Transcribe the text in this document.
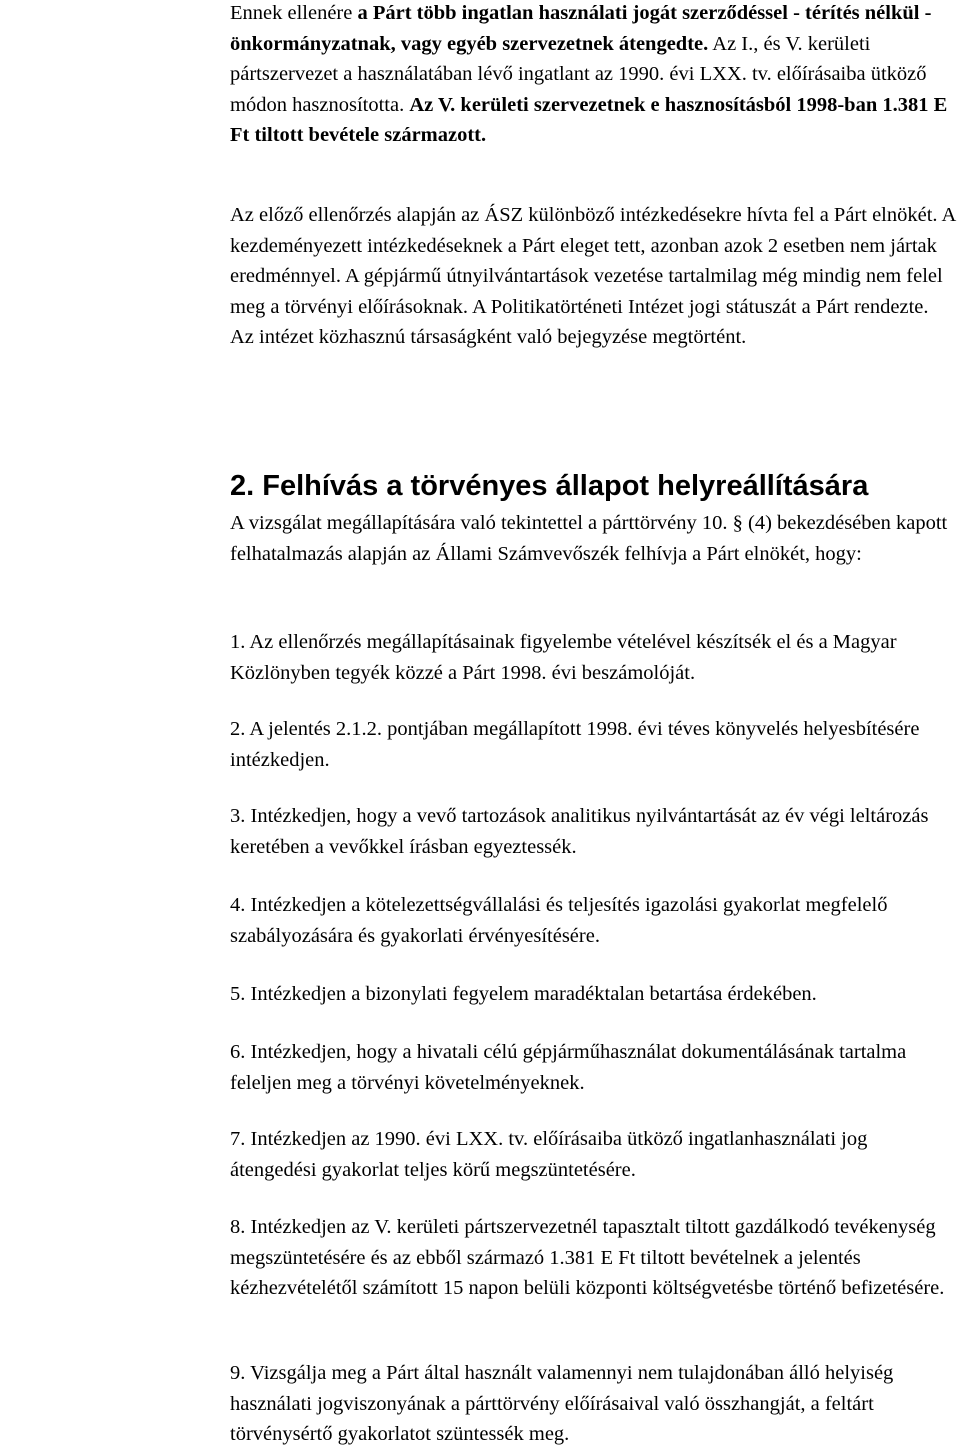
Ennek ellenére a Párt több ingatlan használati jogát szerződéssel - térítés nélkül - önkormányzatnak, vagy egyéb szervezetnek átengedte. Az I., és V. kerületi pártszervezet a használatában lévő ingatlant az 1990. évi LXX. tv. előírásaiba ütköző módon hasznosította. Az V. kerületi szervezetnek e hasznosításból 1998-ban 1.381 E Ft tiltott bevétele származott.

Az előző ellenőrzés alapján az ÁSZ különböző intézkedésekre hívta fel a Párt elnökét. A kezdeményezett intézkedéseknek a Párt eleget tett, azonban azok 2 esetben nem jártak eredménnyel. A gépjármű útnyilvántartások vezetése tartalmilag még mindig nem felel meg a törvényi előírásoknak. A Politikatörténeti Intézet jogi státuszát a Párt rendezte. Az intézet közhasznú társaságként való bejegyzése megtörtént.

2. Felhívás a törvényes állapot helyreállítására

A vizsgálat megállapítására való tekintettel a párttörvény 10. § (4) bekezdésében kapott felhatalmazás alapján az Állami Számvevőszék felhívja a Párt elnökét, hogy:

1. Az ellenőrzés megállapításainak figyelembe vételével készítsék el és a Magyar Közlönyben tegyék közzé a Párt 1998. évi beszámolóját.

2. A jelentés 2.1.2. pontjában megállapított 1998. évi téves könyvelés helyesbítésére intézkedjen.

3. Intézkedjen, hogy a vevő tartozások analitikus nyilvántartását az év végi leltározás keretében a vevőkkel írásban egyeztessék.

4. Intézkedjen a kötelezettségvállalási és teljesítés igazolási gyakorlat megfelelő szabályozására és gyakorlati érvényesítésére.

5. Intézkedjen a bizonylati fegyelem maradéktalan betartása érdekében.

6. Intézkedjen, hogy a hivatali célú gépjárműhasználat dokumentálásának tartalma feleljen meg a törvényi követelményeknek.

7. Intézkedjen az 1990. évi LXX. tv. előírásaiba ütköző ingatlanhasználati jog átengedési gyakorlat teljes körű megszüntetésére.

8. Intézkedjen az V. kerületi pártszervezetnél tapasztalt tiltott gazdálkodó tevékenység megszüntetésére és az ebből származó 1.381 E Ft tiltott bevételnek a jelentés kézhezvételétől számított 15 napon belüli központi költségvetésbe történő befizetésére.

9. Vizsgálja meg a Párt által használt valamennyi nem tulajdonában álló helyiség használati jogviszonyának a párttörvény előírásaival való összhangját, a feltárt törvénysértő gyakorlatot szüntessék meg.
